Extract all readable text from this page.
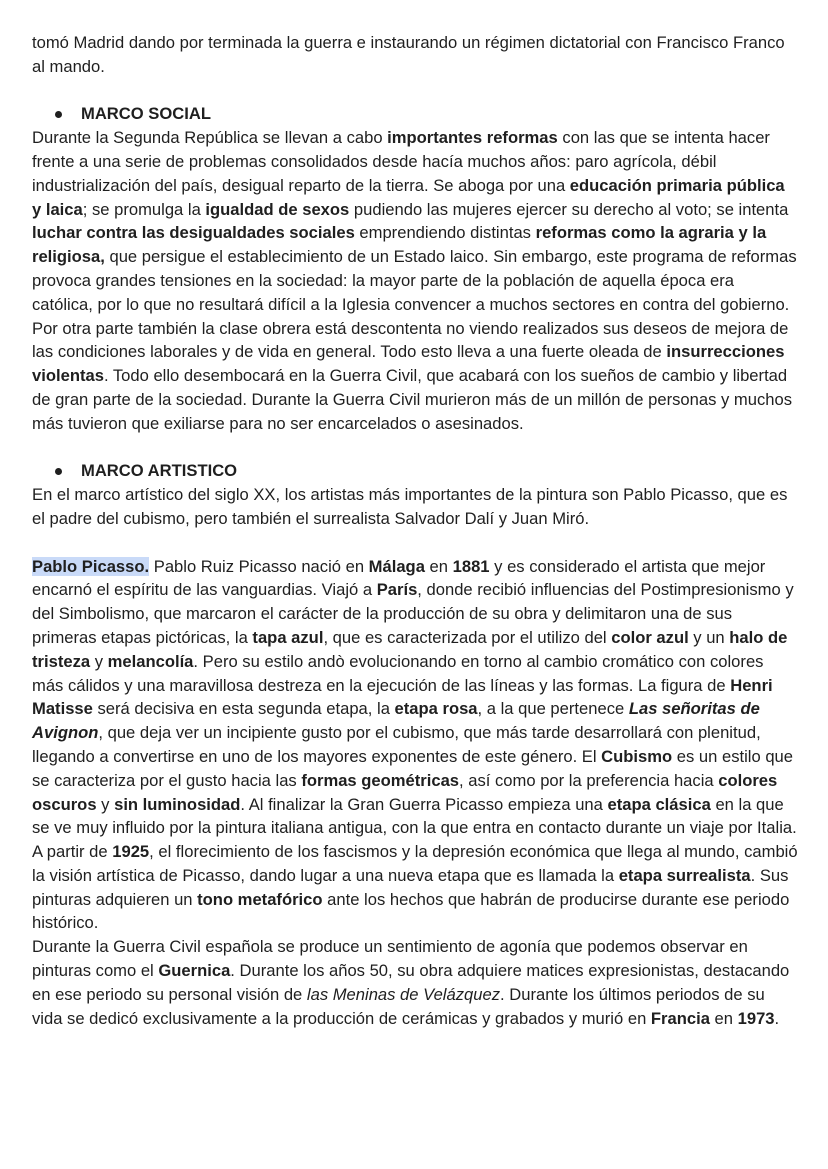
tomó Madrid dando por terminada la guerra e instaurando un régimen dictatorial con Francisco Franco al mando.

MARCO SOCIAL

Durante la Segunda República se llevan a cabo importantes reformas con las que se intenta hacer frente a una serie de problemas consolidados desde hacía muchos años: paro agrícola, débil industrialización del país, desigual reparto de la tierra. Se aboga por una educación primaria pública y laica; se promulga la igualdad de sexos pudiendo las mujeres ejercer su derecho al voto; se intenta luchar contra las desigualdades sociales emprendiendo distintas reformas como la agraria y la religiosa, que persigue el establecimiento de un Estado laico. Sin embargo, este programa de reformas provoca grandes tensiones en la sociedad: la mayor parte de la población de aquella época era católica, por lo que no resultará difícil a la Iglesia convencer a muchos sectores en contra del gobierno. Por otra parte también la clase obrera está descontenta no viendo realizados sus deseos de mejora de las condiciones laborales y de vida en general. Todo esto lleva a una fuerte oleada de insurrecciones violentas. Todo ello desembocará en la Guerra Civil, que acabará con los sueños de cambio y libertad de gran parte de la sociedad. Durante la Guerra Civil murieron más de un millón de personas y muchos más tuvieron que exiliarse para no ser encarcelados o asesinados.

MARCO ARTISTICO

En el marco artístico del siglo XX, los artistas más importantes de la pintura son Pablo Picasso, que es el padre del cubismo, pero también el surrealista Salvador Dalí y Juan Miró.

Pablo Picasso. Pablo Ruiz Picasso nació en Málaga en 1881 y es considerado el artista que mejor encarnó el espíritu de las vanguardias. Viajó a París, donde recibió influencias del Postimpresionismo y del Simbolismo, que marcaron el carácter de la producción de su obra y delimitaron una de sus primeras etapas pictóricas, la tapa azul, que es caracterizada por el utilizo del color azul y un halo de tristeza y melancolía. Pero su estilo andò evolucionando en torno al cambio cromático con colores más cálidos y una maravillosa destreza en la ejecución de las líneas y las formas. La figura de Henri Matisse será decisiva en esta segunda etapa, la etapa rosa, a la que pertenece Las señoritas de Avignon, que deja ver un incipiente gusto por el cubismo, que más tarde desarrollará con plenitud, llegando a convertirse en uno de los mayores exponentes de este género. El Cubismo es un estilo que se caracteriza por el gusto hacia las formas geométricas, así como por la preferencia hacia colores oscuros y sin luminosidad. Al finalizar la Gran Guerra Picasso empieza una etapa clásica en la que se ve muy influido por la pintura italiana antigua, con la que entra en contacto durante un viaje por Italia. A partir de 1925, el florecimiento de los fascismos y la depresión económica que llega al mundo, cambió la visión artística de Picasso, dando lugar a una nueva etapa que es llamada la etapa surrealista. Sus pinturas adquieren un tono metafórico ante los hechos que habrán de producirse durante ese periodo histórico.

Durante la Guerra Civil española se produce un sentimiento de agonía que podemos observar en pinturas como el Guernica. Durante los años 50, su obra adquiere matices expresionistas, destacando en ese periodo su personal visión de las Meninas de Velázquez. Durante los últimos periodos de su vida se dedicó exclusivamente a la producción de cerámicas y grabados y murió en Francia en 1973.
